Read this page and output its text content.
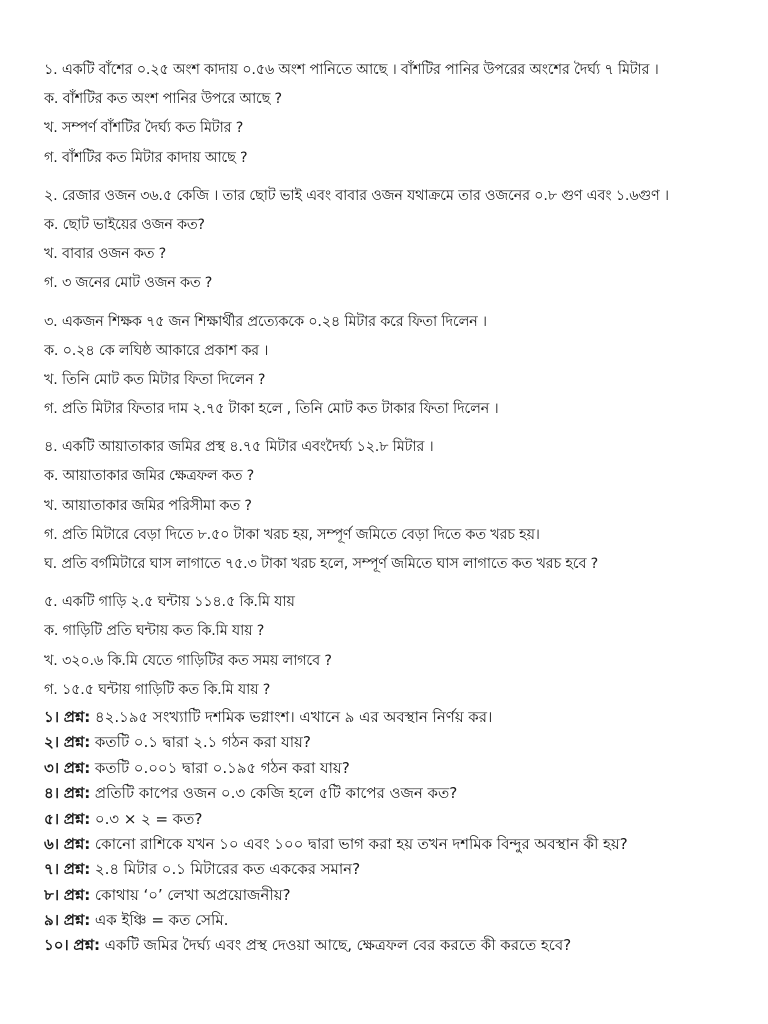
১. একটি বাঁশের ০.২৫ অংশ কাদায় ০.৫৬ অংশ পানিতে আছে । বাঁশটির পানির উপরের অংশের দৈর্ঘ্য ৭ মিটার ।
ক. বাঁশটির কত অংশ পানির উপরে আছে ?
খ. সম্পর্ণ বাঁশটির দৈর্ঘ্য কত মিটার ?
গ. বাঁশটির কত মিটার কাদায় আছে ?
২. রেজার ওজন ৩৬.৫ কেজি । তার ছোট ভাই এবং বাবার ওজন যথাক্রমে তার ওজনের ০.৮ গুণ এবং ১.৬গুণ ।
ক. ছোট ভাইয়ের ওজন কত?
খ. বাবার ওজন কত ?
গ. ৩ জনের মোট ওজন কত ?
৩. একজন শিক্ষক ৭৫ জন শিক্ষার্থীর প্রত্যেককে ০.২৪ মিটার করে ফিতা দিলেন ।
ক. ০.২৪ কে লঘিষ্ঠ আকারে প্রকাশ কর ।
খ. তিনি মোট কত মিটার ফিতা দিলেন ?
গ. প্রতি মিটার ফিতার দাম ২.৭৫ টাকা হলে , তিনি মোট কত টাকার ফিতা দিলেন ।
৪. একটি আয়াতাকার জমির প্রস্থ ৪.৭৫ মিটার এবংদৈর্ঘ্য ১২.৮ মিটার ।
ক. আয়াতাকার জমির ক্ষেত্রফল কত ?
খ. আয়াতাকার জমির পরিসীমা কত ?
গ. প্রতি মিটারে বেড়া দিতে ৮.৫০ টাকা খরচ হয়, সম্পূর্ণ জমিতে বেড়া দিতে কত খরচ হয়।
ঘ. প্রতি বর্গমিটারে ঘাস লাগাতে ৭৫.৩ টাকা খরচ হলে, সম্পূর্ণ জমিতে ঘাস লাগাতে কত খরচ হবে ?
৫. একটি গাড়ি ২.৫ ঘন্টায় ১১৪.৫ কি.মি যায়
ক. গাড়িটি প্রতি ঘন্টায় কত কি.মি যায় ?
খ. ৩২০.৬ কি.মি যেতে গাড়িটির কত সময় লাগবে ?
গ. ১৫.৫ ঘন্টায় গাড়িটি কত কি.মি যায় ?
১। প্রশ্ন: ৪২.১৯৫ সংখ্যাটি দশমিক ভগ্নাংশ। এখানে ৯ এর অবস্থান নির্ণয় কর।
২। প্রশ্ন: কতটি ০.১ দ্বারা ২.১ গঠন করা যায়?
৩। প্রশ্ন: কতটি ০.০০১ দ্বারা ০.১৯৫ গঠন করা যায়?
৪। প্রশ্ন: প্রতিটি কাপের ওজন ০.৩ কেজি হলে ৫টি কাপের ওজন কত?
৫। প্রশ্ন: ০.৩ × ২ = কত?
৬। প্রশ্ন: কোনো রাশিকে যখন ১০ এবং ১০০ দ্বারা ভাগ করা হয় তখন দশমিক বিন্দুর অবস্থান কী হয়?
৭। প্রশ্ন: ২.৪ মিটার ০.১ মিটারের কত এককের সমান?
৮। প্রশ্ন: কোথায় ‘০’ লেখা অপ্রয়োজনীয়?
৯। প্রশ্ন: এক ইঞ্চি = কত সেমি.
১০। প্রশ্ন: একটি জমির দৈর্ঘ্য এবং প্রস্থ দেওয়া আছে, ক্ষেত্রফল বের করতে কী করতে হবে?
